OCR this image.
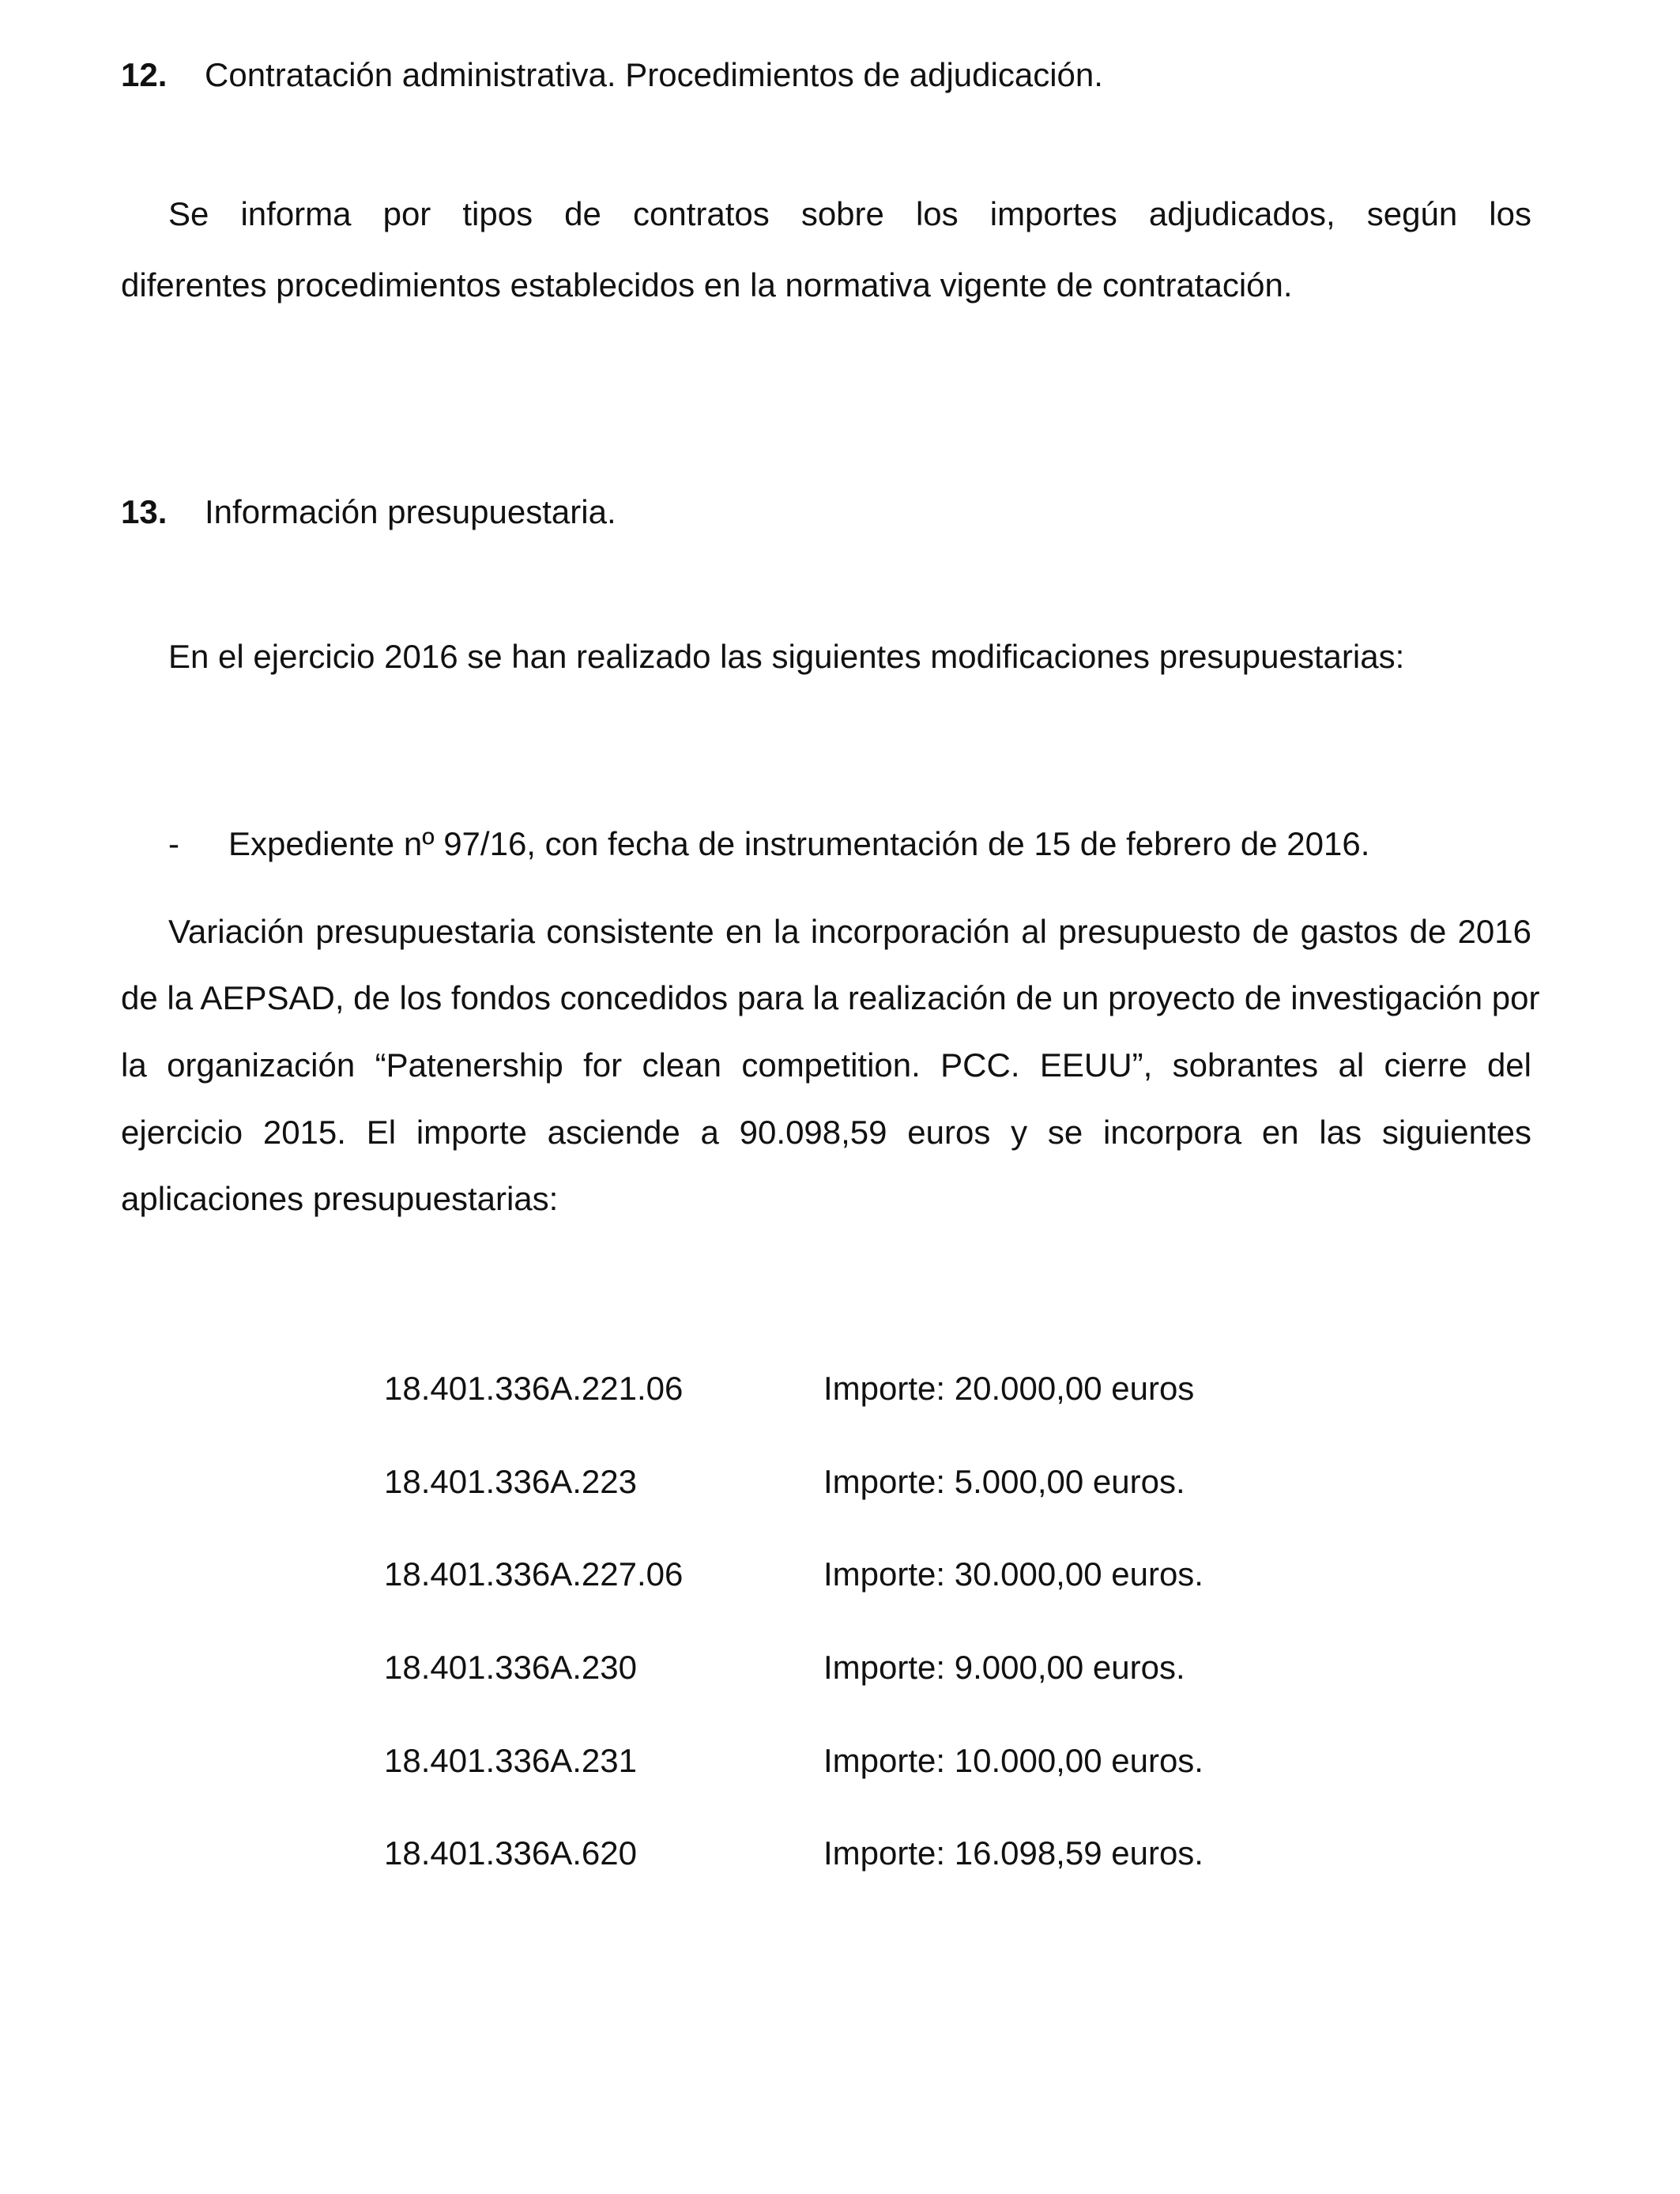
12. Contratación administrativa. Procedimientos de adjudicación.
Se informa por tipos de contratos sobre los importes adjudicados, según los
diferentes procedimientos establecidos en la normativa vigente de contratación.
13. Información presupuestaria.
En el ejercicio 2016 se han realizado las siguientes modificaciones presupuestarias:
- Expediente nº 97/16, con fecha de instrumentación de 15 de febrero de 2016.
Variación presupuestaria consistente en la incorporación al presupuesto de gastos de 2016
de la AEPSAD, de los fondos concedidos para la realización de un proyecto de investigación por
la organización “Patenership for clean competition. PCC. EEUU”, sobrantes al cierre del
ejercicio 2015. El importe asciende a 90.098,59 euros y se incorpora en las siguientes
aplicaciones presupuestarias:
18.401.336A.221.06	Importe: 20.000,00 euros
18.401.336A.223	Importe: 5.000,00 euros.
18.401.336A.227.06	Importe: 30.000,00 euros.
18.401.336A.230	Importe: 9.000,00 euros.
18.401.336A.231	Importe: 10.000,00 euros.
18.401.336A.620	Importe: 16.098,59 euros.
